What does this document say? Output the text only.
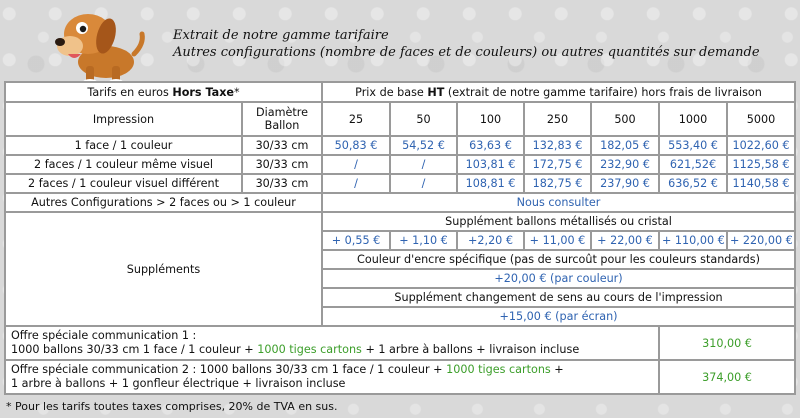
Extrait de notre gamme tarifaire
Autres configurations (nombre de faces et de couleurs) ou autres quantités sur demande
Tarifs en euros Hors Taxe*		Prix de base HT (extrait de notre gamme tarifaire) hors frais de livraison						
Impression	Diamètre Ballon	25	50	100	250	500	1000	5000
1 face / 1 couleur	30/33 cm	50,83 €	54,52 €	63,63 €	132,83 €	182,05 €	553,40 €	1022,60 €
2 faces / 1 couleur même visuel	30/33 cm	/	/	103,81 €	172,75 €	232,90 €	621,52€	1125,58 €
2 faces / 1 couleur visuel différent	30/33 cm	/	/	108,81 €	182,75 €	237,90 €	636,52 €	1140,58 €
Autres Configurations > 2 faces ou > 1 couleur		Nous consulter						
Suppléments		Supplément ballons métallisés ou cristal						
		+ 0,55 €	+ 1,10 €	+2,20 €	+ 11,00 €	+ 22,00 €	+ 110,00 €	+ 220,00 €
		Couleur d'encre spécifique (pas de surcoût pour les couleurs standards)						
		+20,00 € (par couleur)						
		Supplément changement de sens au cours de l'impression						
		+15,00 € (par écran)						

Offre spéciale communication 1 :
1000 ballons 30/33 cm 1 face / 1 couleur + 1000 tiges cartons + 1 arbre à ballons + livraison incluse							310,00 €	

Offre spéciale communication 2 : 1000 ballons 30/33 cm 1 face / 1 couleur + 1000 tiges cartons +
1 arbre à ballons + 1 gonfleur électrique + livraison incluse							374,00 €	
* Pour les tarifs toutes taxes comprises, 20% de TVA en sus.
